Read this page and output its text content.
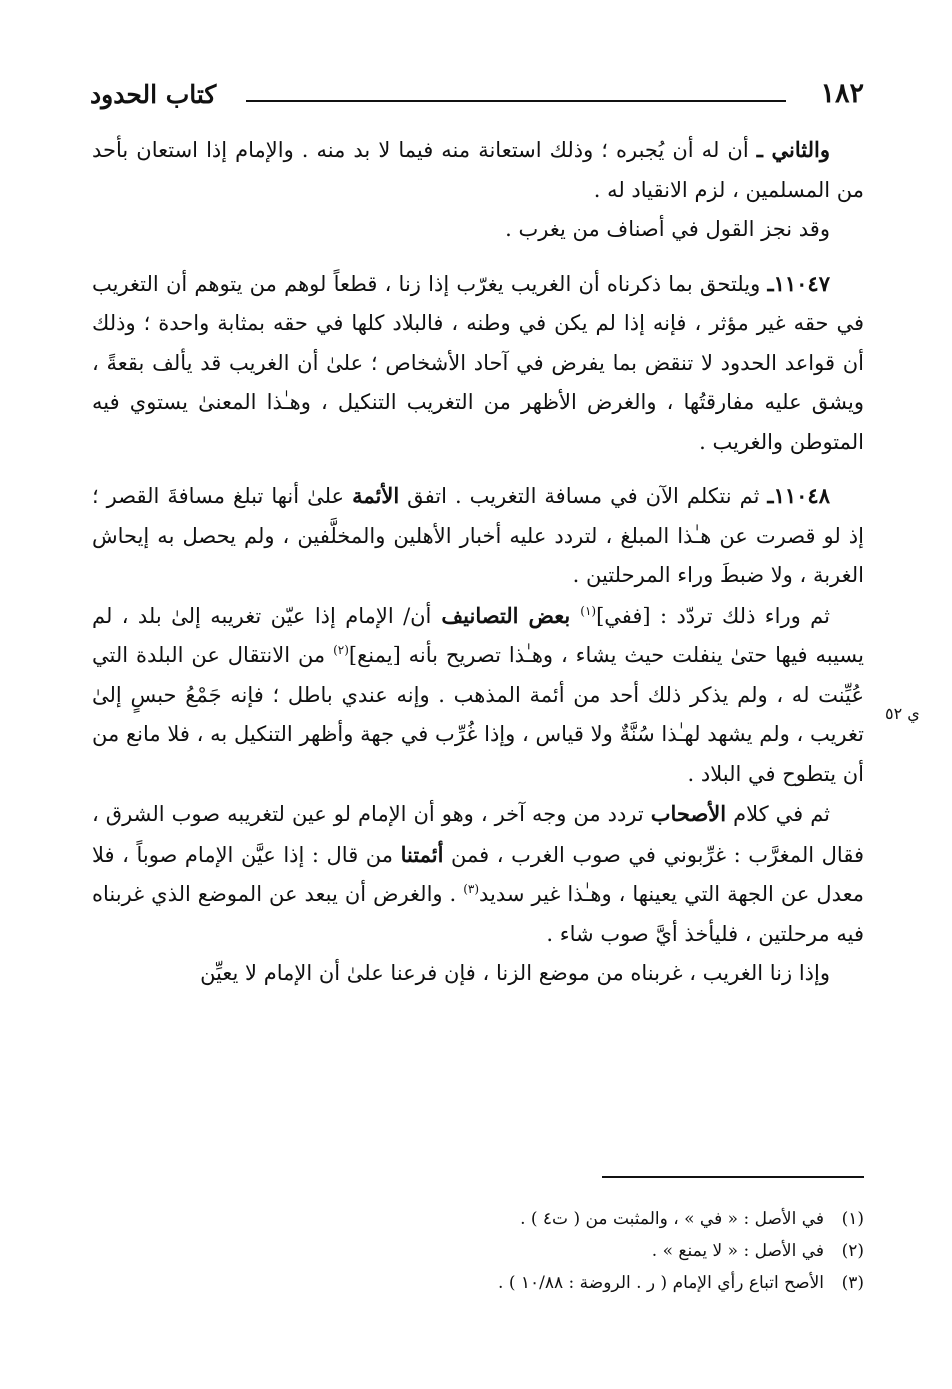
١٨٢
كتاب الحدود
ي ٥٢

والثاني ـ أن له أن يُجبره ؛ وذلك استعانة منه فيما لا بد منه . والإمام إذا استعان بأحد من المسلمين ، لزم الانقياد له .

وقد نجز القول في أصناف من يغرب .

١١٠٤٧ـ ويلتحق بما ذكرناه أن الغريب يغرّب إذا زنا ، قطعاً لوهم من يتوهم أن التغريب في حقه غير مؤثر ، فإنه إذا لم يكن في وطنه ، فالبلاد كلها في حقه بمثابة واحدة ؛ وذلك أن قواعد الحدود لا تنقض بما يفرض في آحاد الأشخاص ؛ علىٰ أن الغريب قد يألف بقعةً ، ويشق عليه مفارقتُها ، والغرض الأظهر من التغريب التنكيل ، وهـٰذا المعنىٰ يستوي فيه المتوطن والغريب .

١١٠٤٨ـ ثم نتكلم الآن في مسافة التغريب . اتفق الأئمة علىٰ أنها تبلغ مسافةَ القصر ؛ إذ لو قصرت عن هـٰذا المبلغ ، لتردد عليه أخبار الأهلين والمخلَّفين ، ولم يحصل به إيحاش الغربة ، ولا ضبطَ وراء المرحلتين .

ثم وراء ذلك تردّد : [ففي]$^{(١)}$ بعض التصانيف أن/ الإمام إذا عيّن تغريبه إلىٰ بلد ، لم يسيبه فيها حتىٰ ينفلت حيث يشاء ، وهـٰذا تصريح بأنه [يمنع]$^{(٢)}$ من الانتقال عن البلدة التي عُيِّنت له ، ولم يذكر ذلك أحد من أئمة المذهب . وإنه عندي باطل ؛ فإنه جَمْعُ حبسٍ إلىٰ تغريب ، ولم يشهد لهـٰذا سُنَّةٌ ولا قياس ، وإذا غُرِّب في جهة وأظهر التنكيل به ، فلا مانع من أن يتطوح في البلاد .

ثم في كلام الأصحاب تردد من وجه آخر ، وهو أن الإمام لو عين لتغريبه صوب الشرق ، فقال المغرَّب : غرِّبوني في صوب الغرب ، فمن أئمتنا من قال : إذا عيَّن الإمام صوباً ، فلا معدل عن الجهة التي يعينها ، وهـٰذا غير سديد$^{(٣)}$ . والغرض أن يبعد عن الموضع الذي غربناه فيه مرحلتين ، فليأخذ أيَّ صوب شاء .

وإذا زنا الغريب ، غربناه من موضع الزنا ، فإن فرعنا علىٰ أن الإمام لا يعيِّن

(١)
في الأصل : « في » ، والمثبت من ( ت٤ ) .
(٢)
في الأصل : « لا يمنع » .
(٣)
الأصح اتباع رأي الإمام ( ر . الروضة : ١٠/٨٨ ) .
